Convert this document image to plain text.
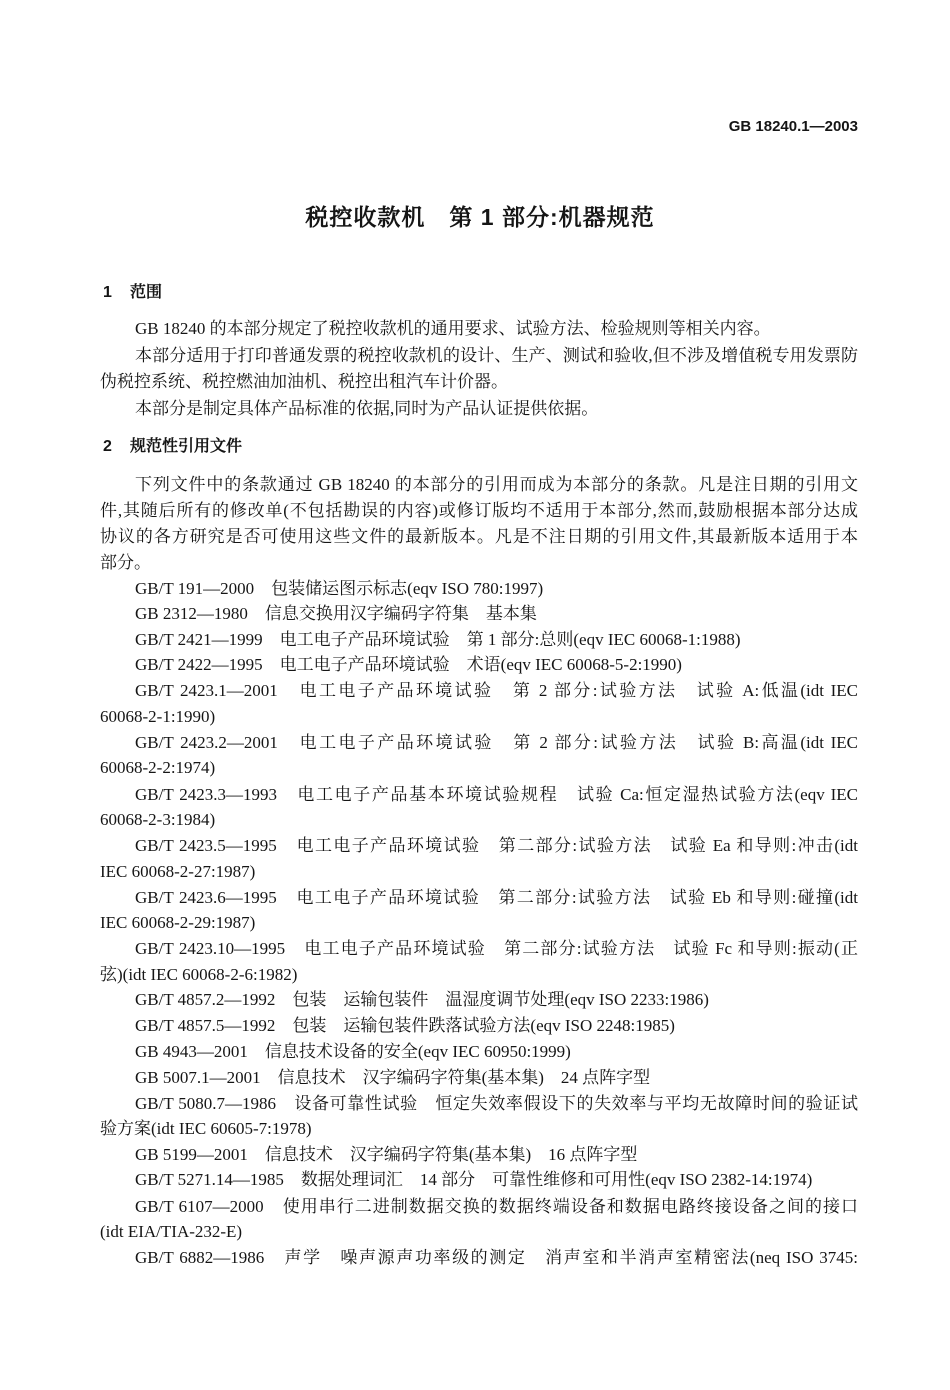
GB 18240.1—2003
税控收款机　第 1 部分:机器规范
1 范围
GB 18240 的本部分规定了税控收款机的通用要求、试验方法、检验规则等相关内容。
本部分适用于打印普通发票的税控收款机的设计、生产、测试和验收,但不涉及增值税专用发票防
伪税控系统、税控燃油加油机、税控出租汽车计价器。
本部分是制定具体产品标准的依据,同时为产品认证提供依据。
2 规范性引用文件
下列文件中的条款通过 GB 18240 的本部分的引用而成为本部分的条款。凡是注日期的引用文
件,其随后所有的修改单(不包括勘误的内容)或修订版均不适用于本部分,然而,鼓励根据本部分达成
协议的各方研究是否可使用这些文件的最新版本。凡是不注日期的引用文件,其最新版本适用于本
部分。
GB/T 191—2000　包装储运图示标志(eqv ISO 780:1997)
GB 2312—1980　信息交换用汉字编码字符集　基本集
GB/T 2421—1999　电工电子产品环境试验　第 1 部分:总则(eqv IEC 60068-1:1988)
GB/T 2422—1995　电工电子产品环境试验　术语(eqv IEC 60068-5-2:1990)
GB/T 2423.1—2001　电工电子产品环境试验　第 2 部分:试验方法　试验 A:低温(idt IEC
60068-2-1:1990)
GB/T 2423.2—2001　电工电子产品环境试验　第 2 部分:试验方法　试验 B:高温(idt IEC
60068-2-2:1974)
GB/T 2423.3—1993　电工电子产品基本环境试验规程　试验 Ca:恒定湿热试验方法(eqv IEC
60068-2-3:1984)
GB/T 2423.5—1995　电工电子产品环境试验　第二部分:试验方法　试验 Ea 和导则:冲击(idt
IEC 60068-2-27:1987)
GB/T 2423.6—1995　电工电子产品环境试验　第二部分:试验方法　试验 Eb 和导则:碰撞(idt
IEC 60068-2-29:1987)
GB/T 2423.10—1995　电工电子产品环境试验　第二部分:试验方法　试验 Fc 和导则:振动(正
弦)(idt IEC 60068-2-6:1982)
GB/T 4857.2—1992　包装　运输包装件　温湿度调节处理(eqv ISO 2233:1986)
GB/T 4857.5—1992　包装　运输包装件跌落试验方法(eqv ISO 2248:1985)
GB 4943—2001　信息技术设备的安全(eqv IEC 60950:1999)
GB 5007.1—2001　信息技术　汉字编码字符集(基本集)　24 点阵字型
GB/T 5080.7—1986　设备可靠性试验　恒定失效率假设下的失效率与平均无故障时间的验证试
验方案(idt IEC 60605-7:1978)
GB 5199—2001　信息技术　汉字编码字符集(基本集)　16 点阵字型
GB/T 5271.14—1985　数据处理词汇　14 部分　可靠性维修和可用性(eqv ISO 2382-14:1974)
GB/T 6107—2000　使用串行二进制数据交换的数据终端设备和数据电路终接设备之间的接口
(idt EIA/TIA-232-E)
GB/T 6882—1986　声学　噪声源声功率级的测定　消声室和半消声室精密法(neq ISO 3745:
